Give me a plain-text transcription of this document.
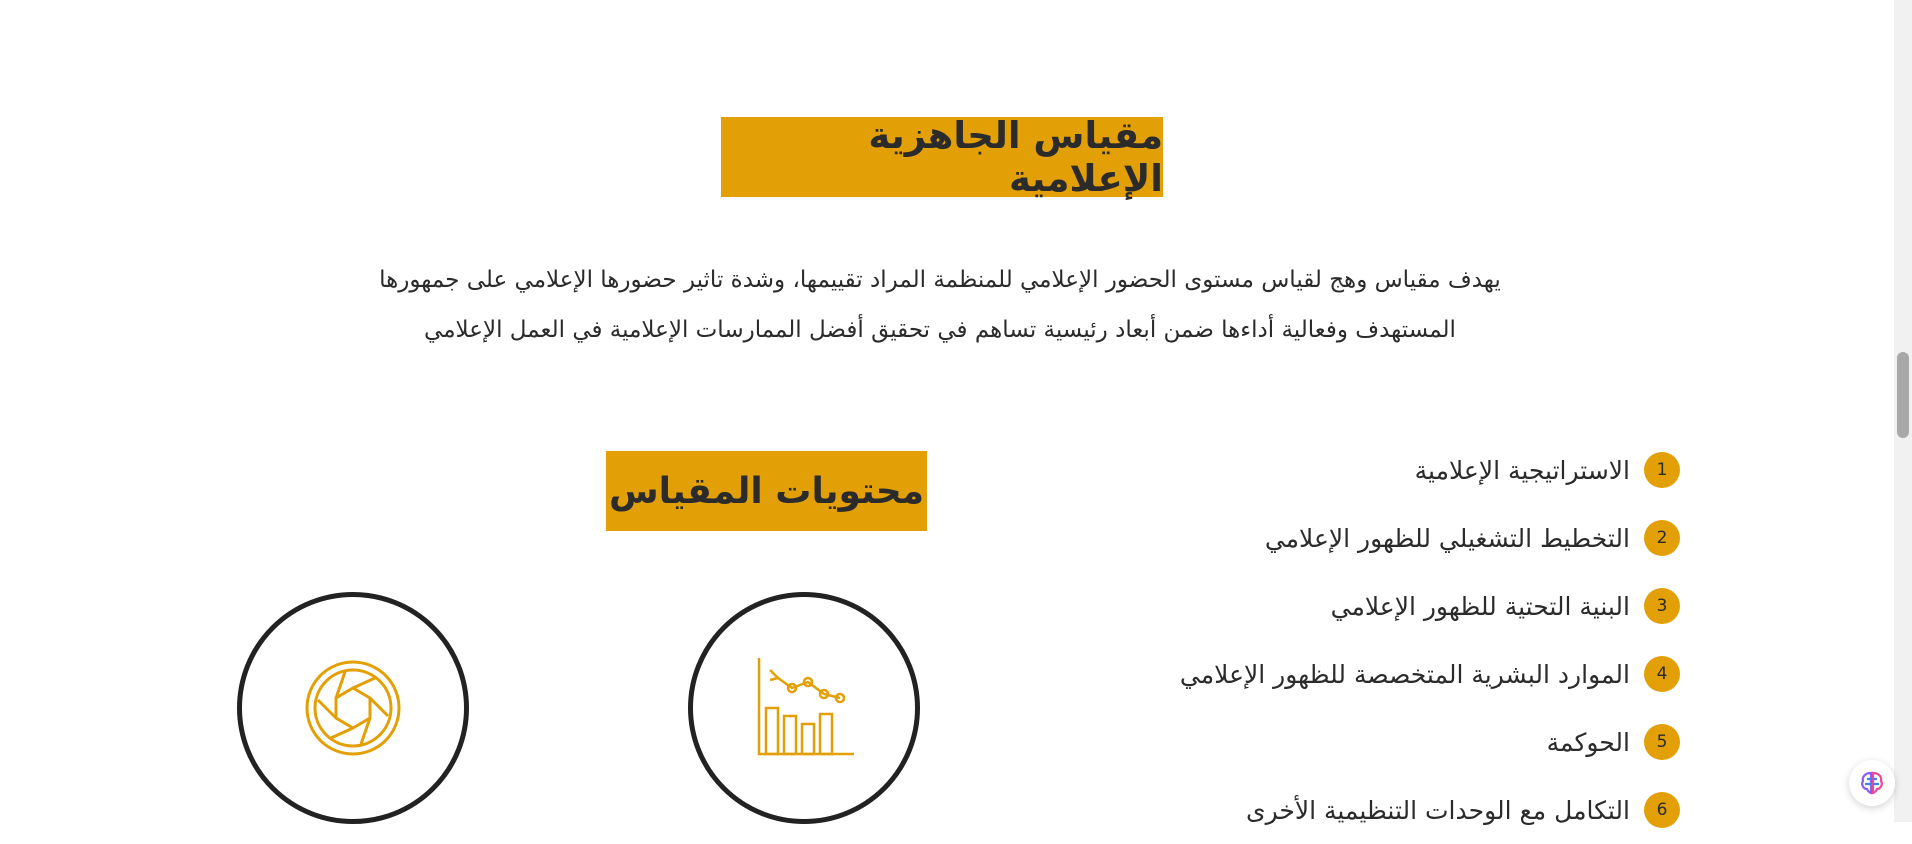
مقياس الجاهزية الإعلامية
يهدف مقياس وهج لقياس مستوى الحضور الإعلامي للمنظمة المراد تقييمها، وشدة تاثير حضورها الإعلامي على جمهورها
المستهدف وفعالية أداءها ضمن أبعاد رئيسية تساهم في تحقيق أفضل الممارسات الإعلامية في العمل الإعلامي
محتويات المقياس
1
الاستراتيجية الإعلامية
2
التخطيط التشغيلي للظهور الإعلامي
3
البنية التحتية للظهور الإعلامي
4
الموارد البشرية المتخصصة للظهور الإعلامي
5
الحوكمة
6
التكامل مع الوحدات التنظيمية الأخرى
